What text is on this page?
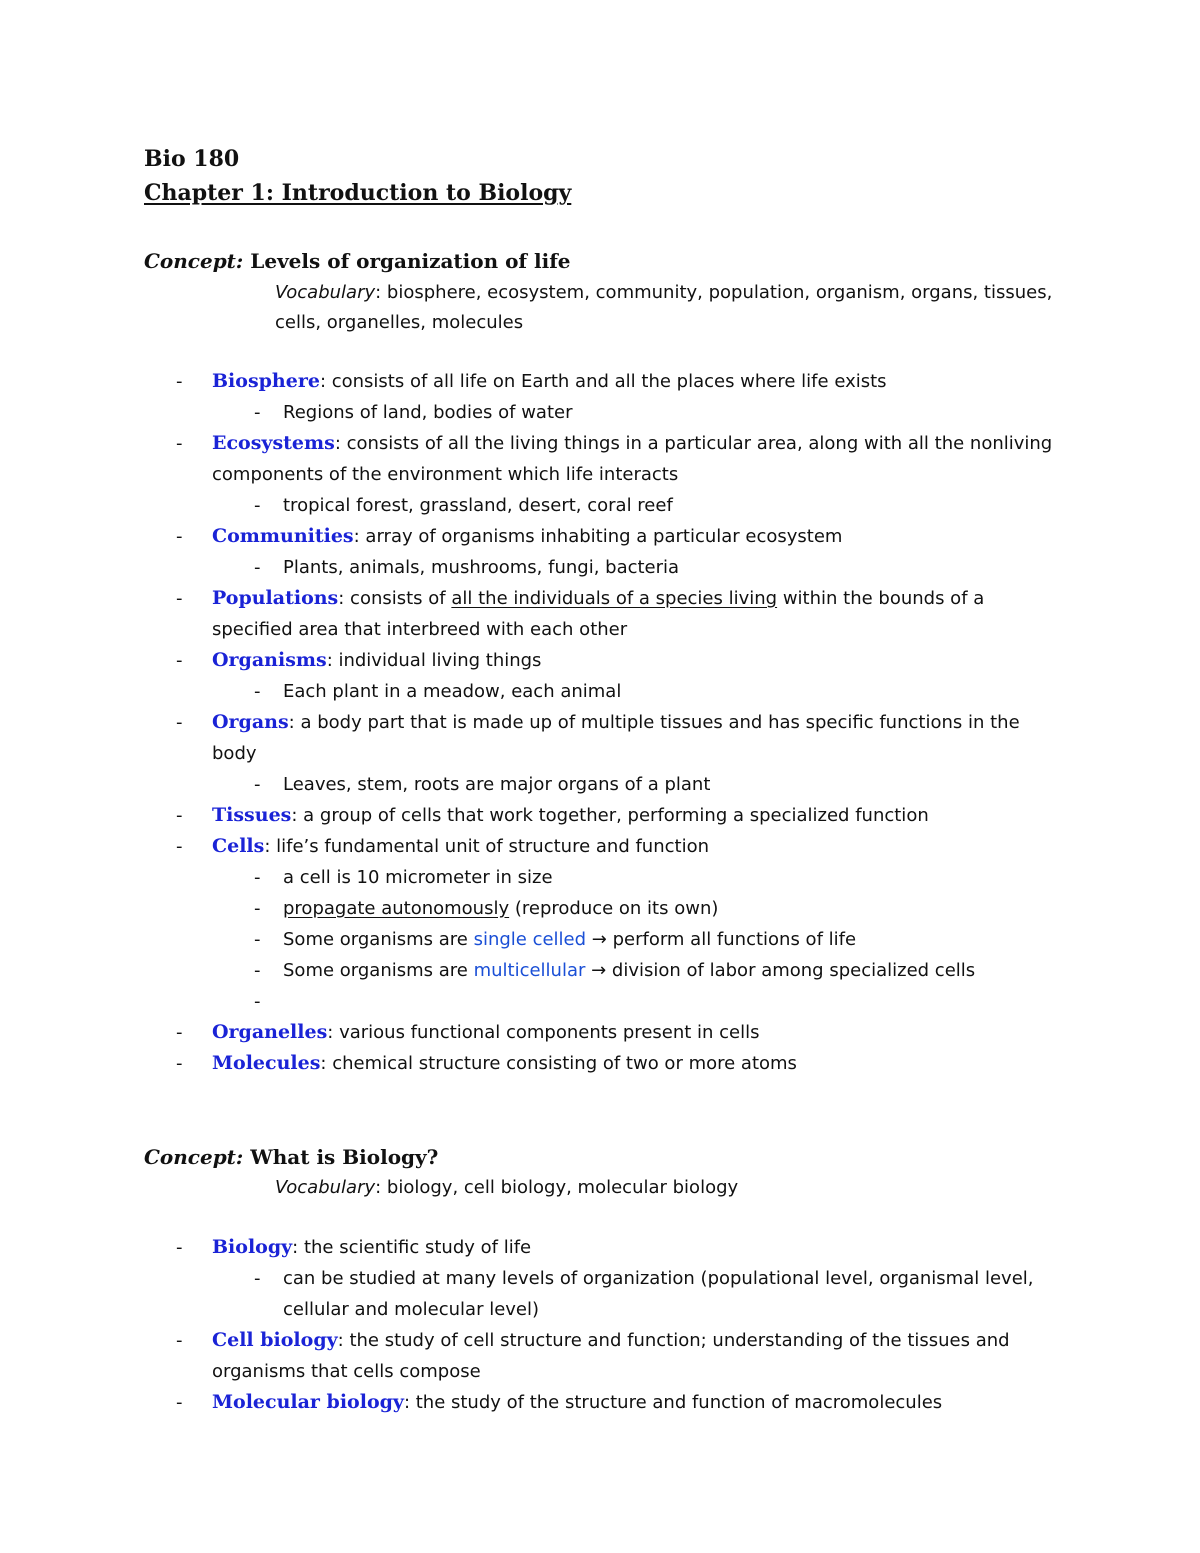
Bio 180
Chapter 1: Introduction to Biology
Concept: Levels of organization of life
Vocabulary: biosphere, ecosystem, community, population, organism, organs, tissues, cells, organelles, molecules
- Biosphere: consists of all life on Earth and all the places where life exists
- Regions of land, bodies of water
- Ecosystems: consists of all the living things in a particular area, along with all the nonliving components of the environment which life interacts
- tropical forest, grassland, desert, coral reef
- Communities: array of organisms inhabiting a particular ecosystem
- Plants, animals, mushrooms, fungi, bacteria
- Populations: consists of all the individuals of a species living within the bounds of a specified area that interbreed with each other
- Organisms: individual living things
- Each plant in a meadow, each animal
- Organs: a body part that is made up of multiple tissues and has specific functions in the body
- Leaves, stem, roots are major organs of a plant
- Tissues: a group of cells that work together, performing a specialized function
- Cells: life’s fundamental unit of structure and function
- a cell is 10 micrometer in size
- propagate autonomously (reproduce on its own)
- Some organisms are single celled → perform all functions of life
- Some organisms are multicellular → division of labor among specialized cells
-
- Organelles: various functional components present in cells
- Molecules: chemical structure consisting of two or more atoms
Concept: What is Biology?
Vocabulary: biology, cell biology, molecular biology
- Biology: the scientific study of life
- can be studied at many levels of organization (populational level, organismal level, cellular and molecular level)
- Cell biology: the study of cell structure and function; understanding of the tissues and organisms that cells compose
- Molecular biology: the study of the structure and function of macromolecules
